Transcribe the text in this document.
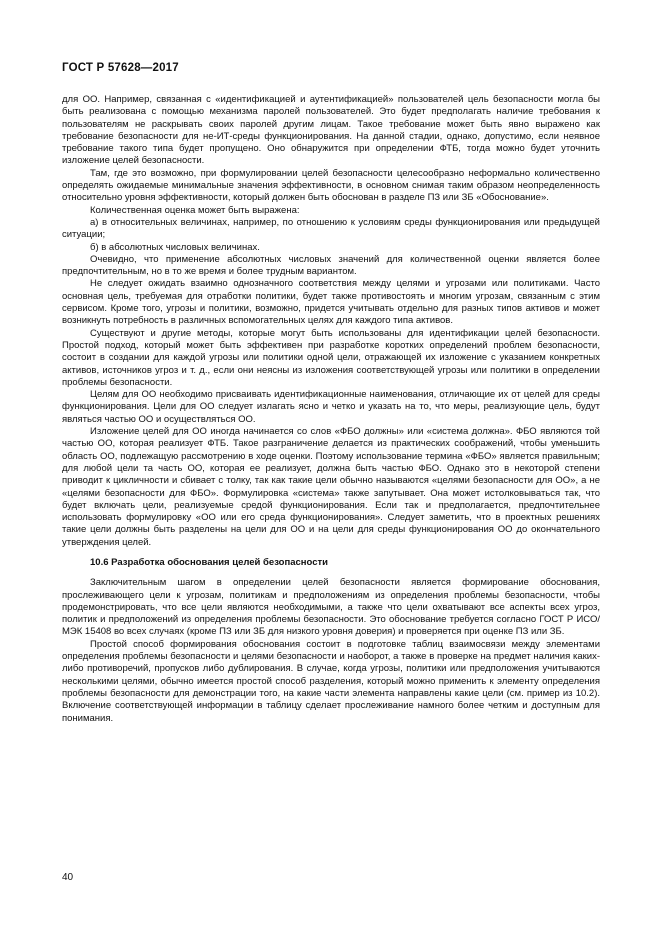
ГОСТ Р 57628—2017

для ОО. Например, связанная с «идентификацией и аутентификацией» пользователей цель безопасности могла бы быть реализована с помощью механизма паролей пользователей. Это будет предполагать наличие требования к пользователям не раскрывать своих паролей другим лицам. Такое требование может быть явно выражено как требование безопасности для не-ИТ-среды функционирования. На данной стадии, однако, допустимо, если неявное требование такого типа будет пропущено. Оно обнаружится при определении ФТБ, тогда можно будет уточнить изложение целей безопасности.

Там, где это возможно, при формулировании целей безопасности целесообразно неформально количественно определять ожидаемые минимальные значения эффективности, в основном снимая таким образом неопределенность относительно уровня эффективности, который должен быть обоснован в разделе ПЗ или ЗБ «Обоснование».

Количественная оценка может быть выражена:

а) в относительных величинах, например, по отношению к условиям среды функционирования или предыдущей ситуации;

б) в абсолютных числовых величинах.

Очевидно, что применение абсолютных числовых значений для количественной оценки является более предпочтительным, но в то же время и более трудным вариантом.

Не следует ожидать взаимно однозначного соответствия между целями и угрозами или политиками. Часто основная цель, требуемая для отработки политики, будет также противостоять и многим угрозам, связанным с этим сервисом. Кроме того, угрозы и политики, возможно, придется учитывать отдельно для разных типов активов и может возникнуть потребность в различных вспомогательных целях для каждого типа активов.

Существуют и другие методы, которые могут быть использованы для идентификации целей безопасности. Простой подход, который может быть эффективен при разработке коротких определений проблем безопасности, состоит в создании для каждой угрозы или политики одной цели, отражающей их изложение с указанием конкретных активов, источников угроз и т. д., если они неясны из изложения соответствующей угрозы или политики в определении проблемы безопасности.

Целям для ОО необходимо присваивать идентификационные наименования, отличающие их от целей для среды функционирования. Цели для ОО следует излагать ясно и четко и указать на то, что меры, реализующие цель, будут являться частью ОО и осуществляться ОО.

Изложение целей для ОО иногда начинается со слов «ФБО должны» или «система должна». ФБО являются той частью ОО, которая реализует ФТБ. Такое разграничение делается из практических соображений, чтобы уменьшить область ОО, подлежащую рассмотрению в ходе оценки. Поэтому использование термина «ФБО» является правильным; для любой цели та часть ОО, которая ее реализует, должна быть частью ФБО. Однако это в некоторой степени приводит к цикличности и сбивает с толку, так как такие цели обычно называются «целями безопасности для ОО», а не «целями безопасности для ФБО». Формулировка «система» также запутывает. Она может истолковываться так, что будет включать цели, реализуемые средой функционирования. Если так и предполагается, предпочтительнее использовать формулировку «ОО или его среда функционирования». Следует заметить, что в проектных решениях такие цели должны быть разделены на цели для ОО и на цели для среды функционирования ОО до окончательного утверждения целей.

10.6 Разработка обоснования целей безопасности

Заключительным шагом в определении целей безопасности является формирование обоснования, прослеживающего цели к угрозам, политикам и предположениям из определения проблемы безопасности, чтобы продемонстрировать, что все цели являются необходимыми, а также что цели охватывают все аспекты всех угроз, политик и предположений из определения проблемы безопасности. Это обоснование требуется согласно ГОСТ Р ИСО/МЭК 15408 во всех случаях (кроме ПЗ или ЗБ для низкого уровня доверия) и проверяется при оценке ПЗ или ЗБ.

Простой способ формирования обоснования состоит в подготовке таблиц взаимосвязи между элементами определения проблемы безопасности и целями безопасности и наоборот, а также в проверке на предмет наличия каких-либо противоречий, пропусков либо дублирования. В случае, когда угрозы, политики или предположения учитываются несколькими целями, обычно имеется простой способ разделения, который можно применить к элементу определения проблемы безопасности для демонстрации того, на какие части элемента направлены какие цели (см. пример из 10.2). Включение соответствующей информации в таблицу сделает прослеживание намного более четким и доступным для понимания.

40
